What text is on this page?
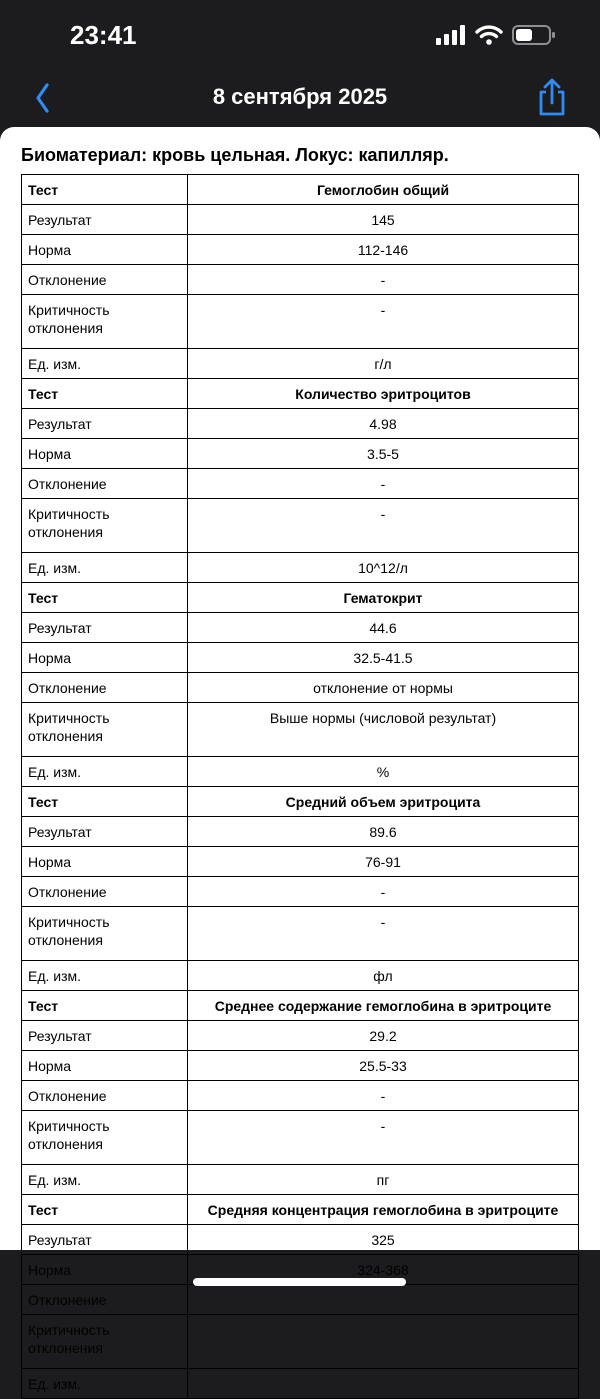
23:41
8 сентября 2025
Биоматериал: кровь цельная. Локус: капилляр.
Тест	Гемоглобин общий
Результат	145
Норма	112-146
Отклонение	-
Критичность отклонения	-
Ед. изм.	г/л
Тест	Количество эритроцитов
Результат	4.98
Норма	3.5-5
Отклонение	-
Критичность отклонения	-
Ед. изм.	10^12/л
Тест	Гематокрит
Результат	44.6
Норма	32.5-41.5
Отклонение	отклонение от нормы
Критичность отклонения	Выше нормы (числовой результат)
Ед. изм.	%
Тест	Средний объем эритроцита
Результат	89.6
Норма	76-91
Отклонение	-
Критичность отклонения	-
Ед. изм.	фл
Тест	Среднее содержание гемоглобина в эритроците
Результат	29.2
Норма	25.5-33
Отклонение	-
Критичность отклонения	-
Ед. изм.	пг
Тест	Средняя концентрация гемоглобина в эритроците
Результат	325
Норма	324-368
Отклонение	
Критичность отклонения	
Ед. изм.	
